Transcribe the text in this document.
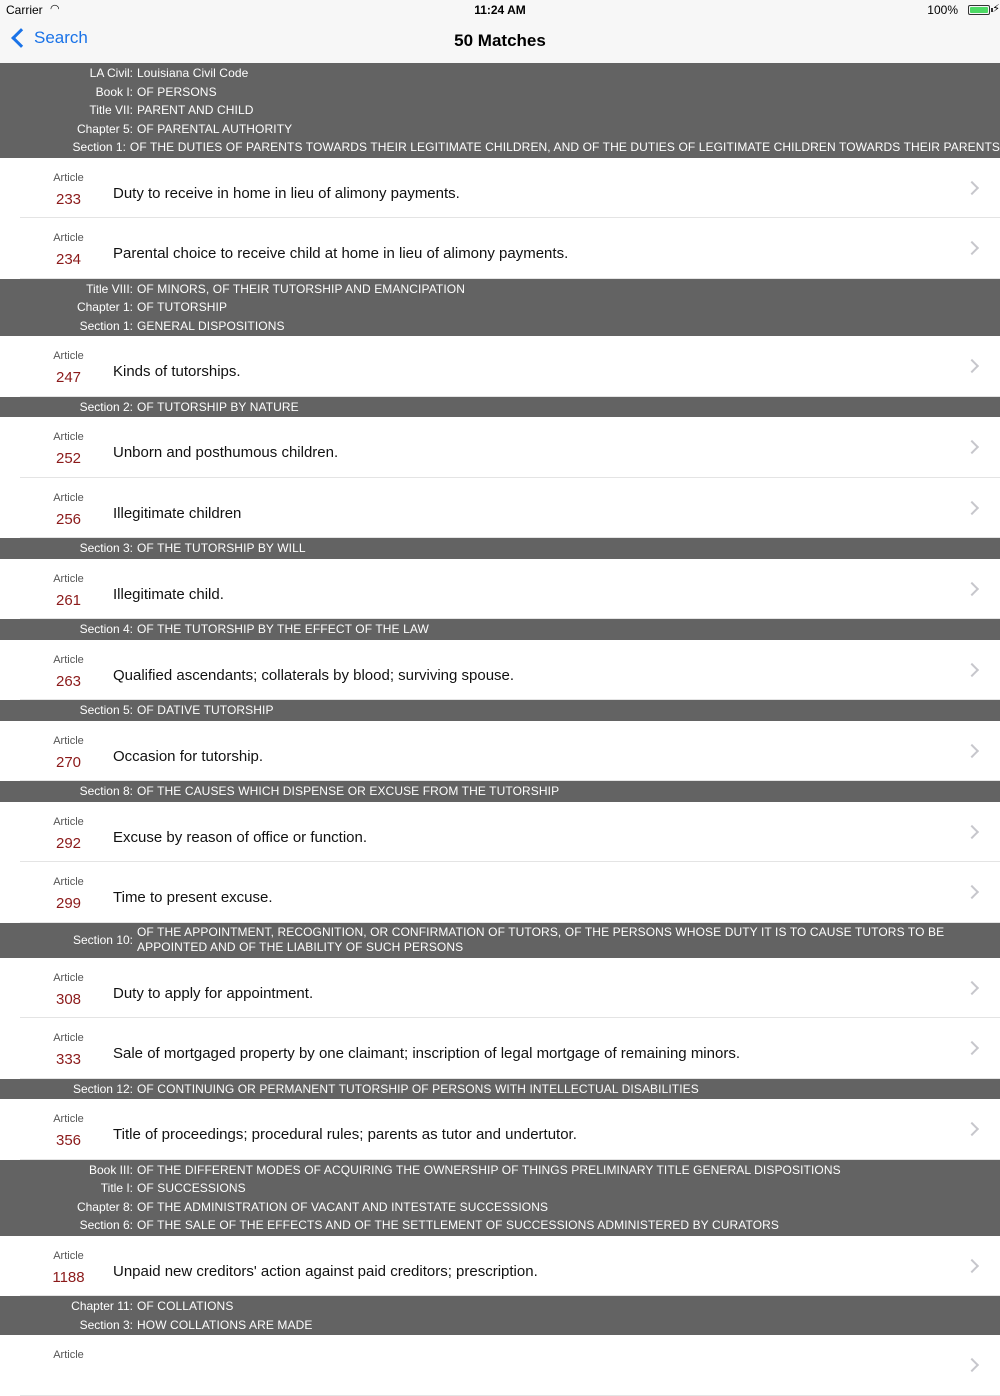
Carrier ◠	11:24 AM	100%	⚡
Search	50 Matches
LA Civil: Louisiana Civil Code
Book I: OF PERSONS
Title VII: PARENT AND CHILD
Chapter 5: OF PARENTAL AUTHORITY
Section 1: OF THE DUTIES OF PARENTS TOWARDS THEIR LEGITIMATE CHILDREN, AND OF THE DUTIES OF LEGITIMATE CHILDREN TOWARDS THEIR PARENTS
Article
233	Duty to receive in home in lieu of alimony payments.
Article
234	Parental choice to receive child at home in lieu of alimony payments.
Title VIII: OF MINORS, OF THEIR TUTORSHIP AND EMANCIPATION
Chapter 1: OF TUTORSHIP
Section 1: GENERAL DISPOSITIONS
Article
247	Kinds of tutorships.
Section 2: OF TUTORSHIP BY NATURE
Article
252	Unborn and posthumous children.
Article
256	Illegitimate children
Section 3: OF THE TUTORSHIP BY WILL
Article
261	Illegitimate child.
Section 4: OF THE TUTORSHIP BY THE EFFECT OF THE LAW
Article
263	Qualified ascendants; collaterals by blood; surviving spouse.
Section 5: OF DATIVE TUTORSHIP
Article
270	Occasion for tutorship.
Section 8: OF THE CAUSES WHICH DISPENSE OR EXCUSE FROM THE TUTORSHIP
Article
292	Excuse by reason of office or function.
Article
299	Time to present excuse.
Section 10:
OF THE APPOINTMENT, RECOGNITION, OR CONFIRMATION OF TUTORS, OF THE PERSONS WHOSE DUTY IT IS TO CAUSE TUTORS TO BE APPOINTED AND OF THE LIABILITY OF SUCH PERSONS
Article
308	Duty to apply for appointment.
Article
333	Sale of mortgaged property by one claimant; inscription of legal mortgage of remaining minors.
Section 12: OF CONTINUING OR PERMANENT TUTORSHIP OF PERSONS WITH INTELLECTUAL DISABILITIES
Article
356	Title of proceedings; procedural rules; parents as tutor and undertutor.
Book III: OF THE DIFFERENT MODES OF ACQUIRING THE OWNERSHIP OF THINGS PRELIMINARY TITLE GENERAL DISPOSITIONS
Title I: OF SUCCESSIONS
Chapter 8: OF THE ADMINISTRATION OF VACANT AND INTESTATE SUCCESSIONS
Section 6: OF THE SALE OF THE EFFECTS AND OF THE SETTLEMENT OF SUCCESSIONS ADMINISTERED BY CURATORS
Article
1188	Unpaid new creditors' action against paid creditors; prescription.
Chapter 11: OF COLLATIONS
Section 3: HOW COLLATIONS ARE MADE
Article
